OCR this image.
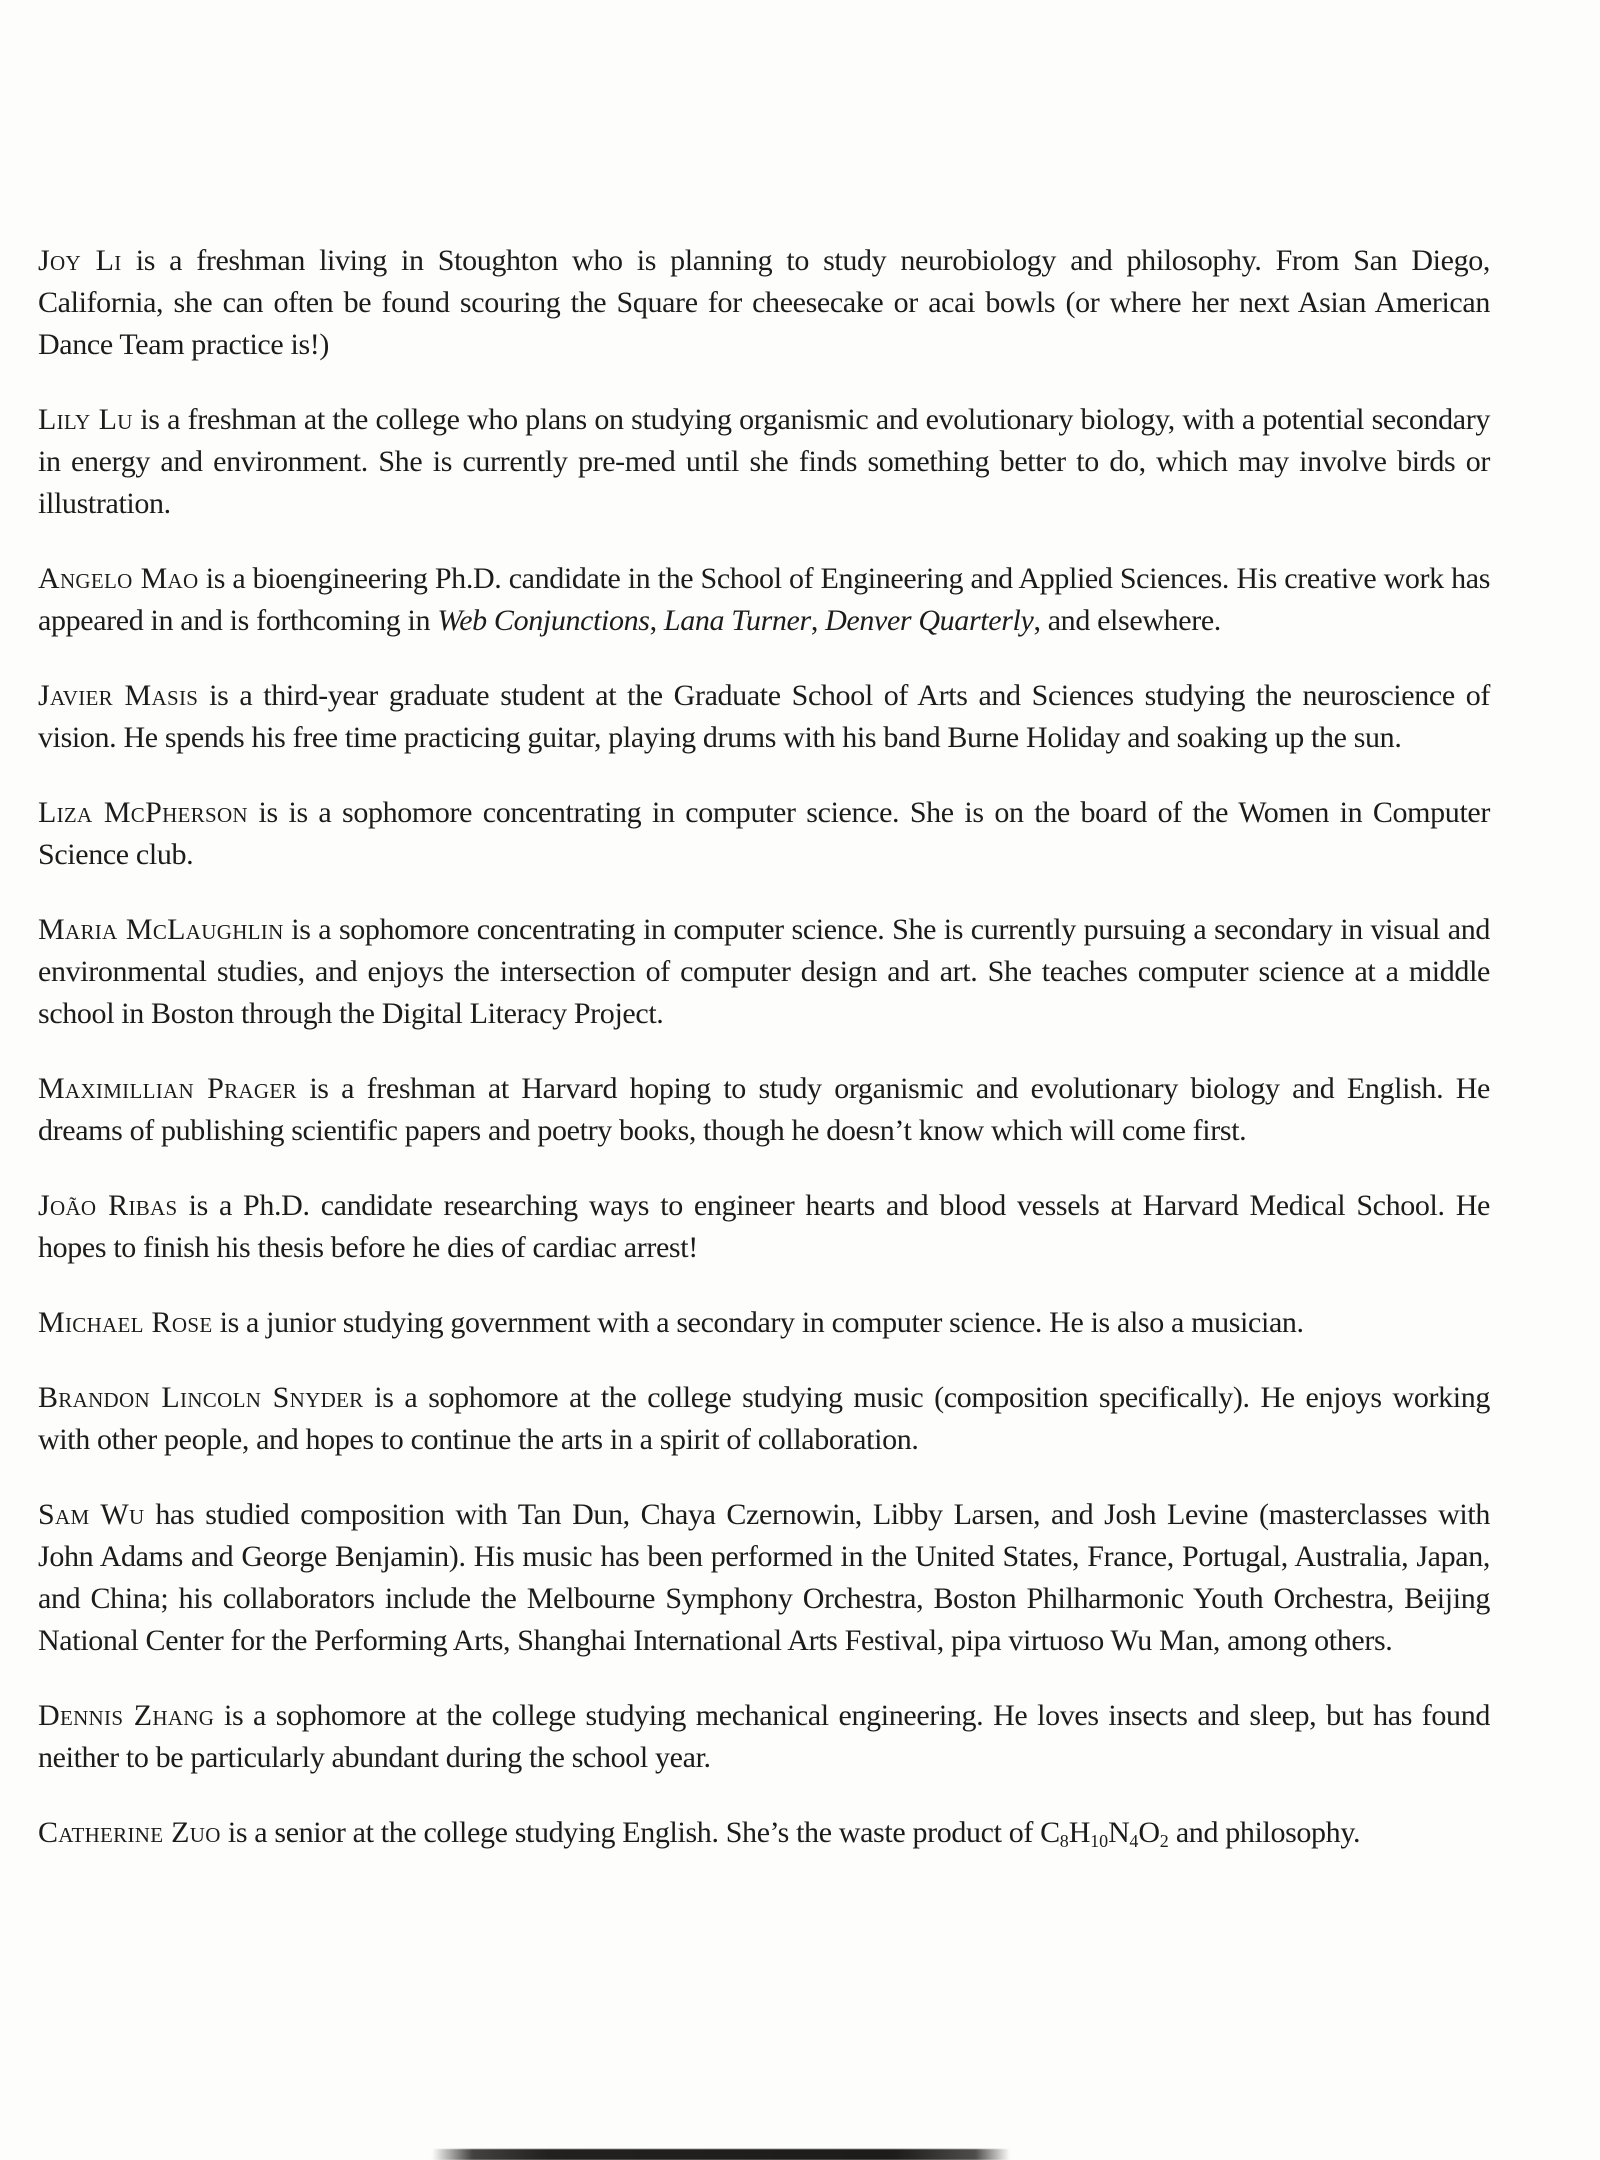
Joy Li is a freshman living in Stoughton who is planning to study neurobiology and philosophy. From San Diego, California, she can often be found scouring the Square for cheesecake or acai bowls (or where her next Asian American Dance Team practice is!)
Lily Lu is a freshman at the college who plans on studying organismic and evolutionary biology, with a potential secondary in energy and environment. She is currently pre-med until she finds something better to do, which may involve birds or illustration.
Angelo Mao is a bioengineering Ph.D. candidate in the School of Engineering and Applied Sciences. His creative work has appeared in and is forthcoming in Web Conjunctions, Lana Turner, Denver Quarterly, and elsewhere.
Javier Masis is a third-year graduate student at the Graduate School of Arts and Sciences studying the neuroscience of vision. He spends his free time practicing guitar, playing drums with his band Burne Holiday and soaking up the sun.
Liza McPherson is is a sophomore concentrating in computer science. She is on the board of the Women in Computer Science club.
Maria McLaughlin is a sophomore concentrating in computer science. She is currently pursuing a secondary in visual and environmental studies, and enjoys the intersection of computer design and art. She teaches computer science at a middle school in Boston through the Digital Literacy Project.
Maximillian Prager is a freshman at Harvard hoping to study organismic and evolutionary biology and English. He dreams of publishing scientific papers and poetry books, though he doesn’t know which will come first.
João Ribas is a Ph.D. candidate researching ways to engineer hearts and blood vessels at Harvard Medical School. He hopes to finish his thesis before he dies of cardiac arrest!
Michael Rose is a junior studying government with a secondary in computer science. He is also a musician.
Brandon Lincoln Snyder is a sophomore at the college studying music (composition specifically). He enjoys working with other people, and hopes to continue the arts in a spirit of collaboration.
Sam Wu has studied composition with Tan Dun, Chaya Czernowin, Libby Larsen, and Josh Levine (masterclasses with John Adams and George Benjamin). His music has been performed in the United States, France, Portugal, Australia, Japan, and China; his collaborators include the Melbourne Symphony Orchestra, Boston Philharmonic Youth Orchestra, Beijing National Center for the Performing Arts, Shanghai International Arts Festival, pipa virtuoso Wu Man, among others.
Dennis Zhang is a sophomore at the college studying mechanical engineering. He loves insects and sleep, but has found neither to be particularly abundant during the school year.
Catherine Zuo is a senior at the college studying English. She’s the waste product of C8H10N4O2 and philosophy.
